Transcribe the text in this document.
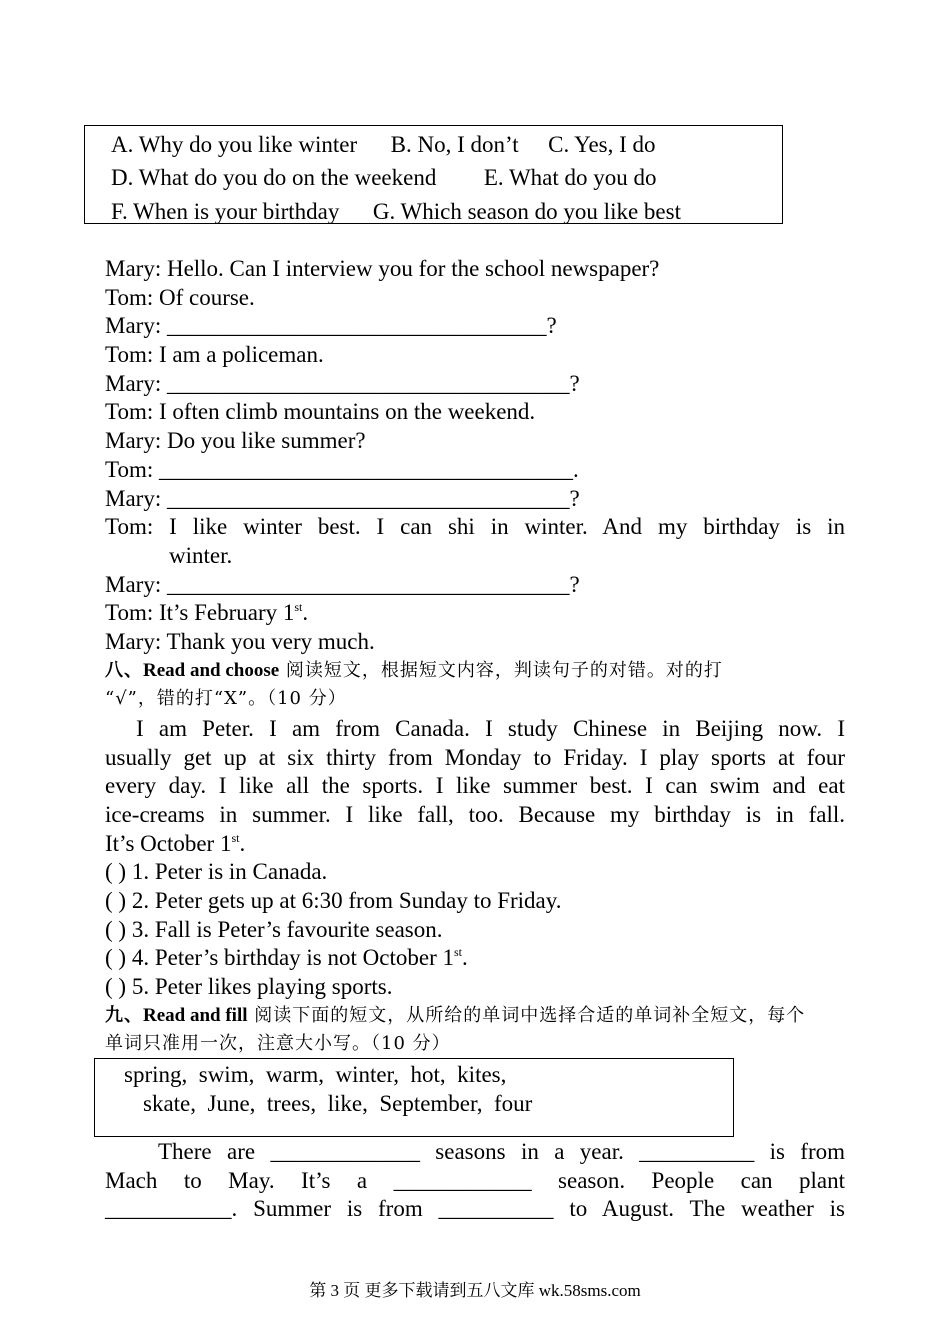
A. Why do you like winter B. No, I don’t C. Yes, I do
D. What do you do on the weekend E. What do you do
F. When is your birthday G. Which season do you like best
Mary: Hello. Can I interview you for the school newspaper?
Tom: Of course.
Mary: _________________________________?
Tom: I am a policeman.
Mary: ___________________________________?
Tom: I often climb mountains on the weekend.
Mary: Do you like summer?
Tom: ____________________________________.
Mary: ___________________________________?
Tom: I like winter best. I can shi in winter. And my birthday is in
winter.
Mary: ___________________________________?
Tom: It’s February 1st.
Mary: Thank you very much.
八、Read and choose 阅读短文，根据短文内容，判读句子的对错。对的打
“√”，错的打“X”。（10 分）
I am Peter. I am from Canada. I study Chinese in Beijing now. I
usually get up at six thirty from Monday to Friday. I play sports at four
every day. I like all the sports. I like summer best. I can swim and eat
ice-creams in summer. I like fall, too. Because my birthday is in fall.
It’s October 1st.
( ) 1. Peter is in Canada.
( ) 2. Peter gets up at 6:30 from Sunday to Friday.
( ) 3. Fall is Peter’s favourite season.
( ) 4. Peter’s birthday is not October 1st.
( ) 5. Peter likes playing sports.
九、Read and fill 阅读下面的短文，从所给的单词中选择合适的单词补全短文，每个
单词只准用一次，注意大小写。（10 分）
spring,  swim,  warm,  winter,  hot,  kites,
skate,  June,  trees,  like,  September,  four
There are _____________ seasons in a year. __________ is from
Mach to May. It’s a ____________ season. People can plant
___________. Summer is from __________ to August. The weather is
第 3 页 更多下载请到五八文库 wk.58sms.com
